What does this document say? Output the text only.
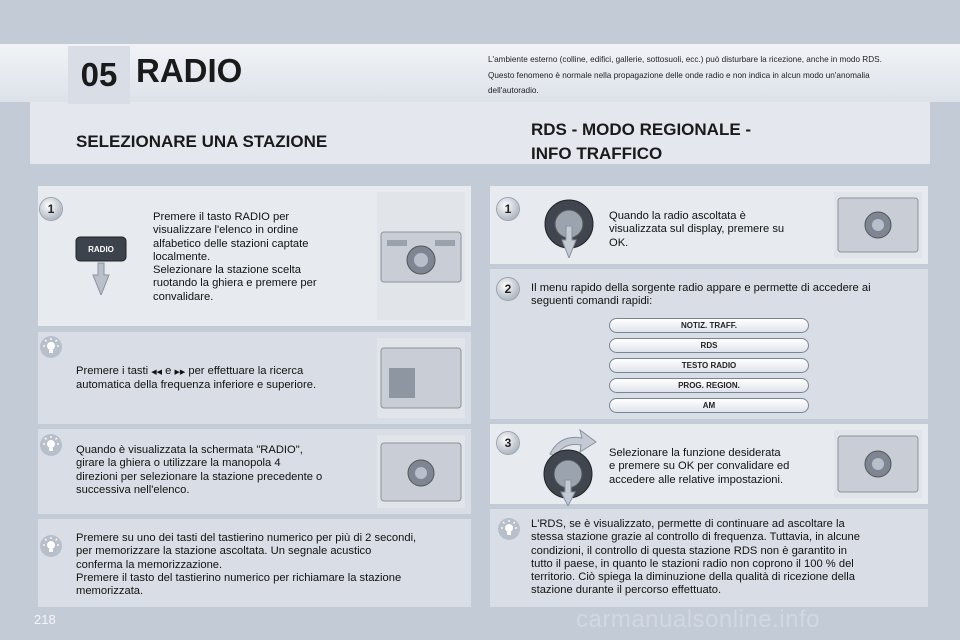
05 RADIO	L'ambiente esterno (colline, edifici, gallerie, sottosuoli, ecc.) può disturbare la ricezione, anche in modo RDS. Questo fenomeno è normale nella propagazione delle onde radio e non indica in alcun modo un'anomalia dell'autoradio.
SELEZIONARE UNA STAZIONE
RDS - MODO REGIONALE -
INFO TRAFFICO
1
RADIO
Premere il tasto RADIO per
visualizzare l'elenco in ordine
alfabetico delle stazioni captate
localmente.
Selezionare la stazione scelta
ruotando la ghiera e premere per
convalidare.
Premere i tasti ◀◀ e ▶▶ per effettuare la ricerca
automatica della frequenza inferiore e superiore.
Quando è visualizzata la schermata "RADIO",
girare la ghiera o utilizzare la manopola 4
direzioni per selezionare la stazione precedente o
successiva nell'elenco.
Premere su uno dei tasti del tastierino numerico per più di 2 secondi,
per memorizzare la stazione ascoltata. Un segnale acustico
conferma la memorizzazione.
Premere il tasto del tastierino numerico per richiamare la stazione
memorizzata.
1	Quando la radio ascoltata è
visualizzata sul display, premere su
OK.
2	Il menu rapido della sorgente radio appare e permette di accedere ai
seguenti comandi rapidi:
NOTIZ. TRAFF.
RDS
TESTO RADIO
PROG. REGION.
AM
3
Selezionare la funzione desiderata
e premere su OK per convalidare ed
accedere alle relative impostazioni.
L'RDS, se è visualizzato, permette di continuare ad ascoltare la
stessa stazione grazie al controllo di frequenza. Tuttavia, in alcune
condizioni, il controllo di questa stazione RDS non è garantito in
tutto il paese, in quanto le stazioni radio non coprono il 100 % del
territorio. Ciò spiega la diminuzione della qualità di ricezione della
stazione durante il percorso effettuato.
218	carmanualsonline.info
